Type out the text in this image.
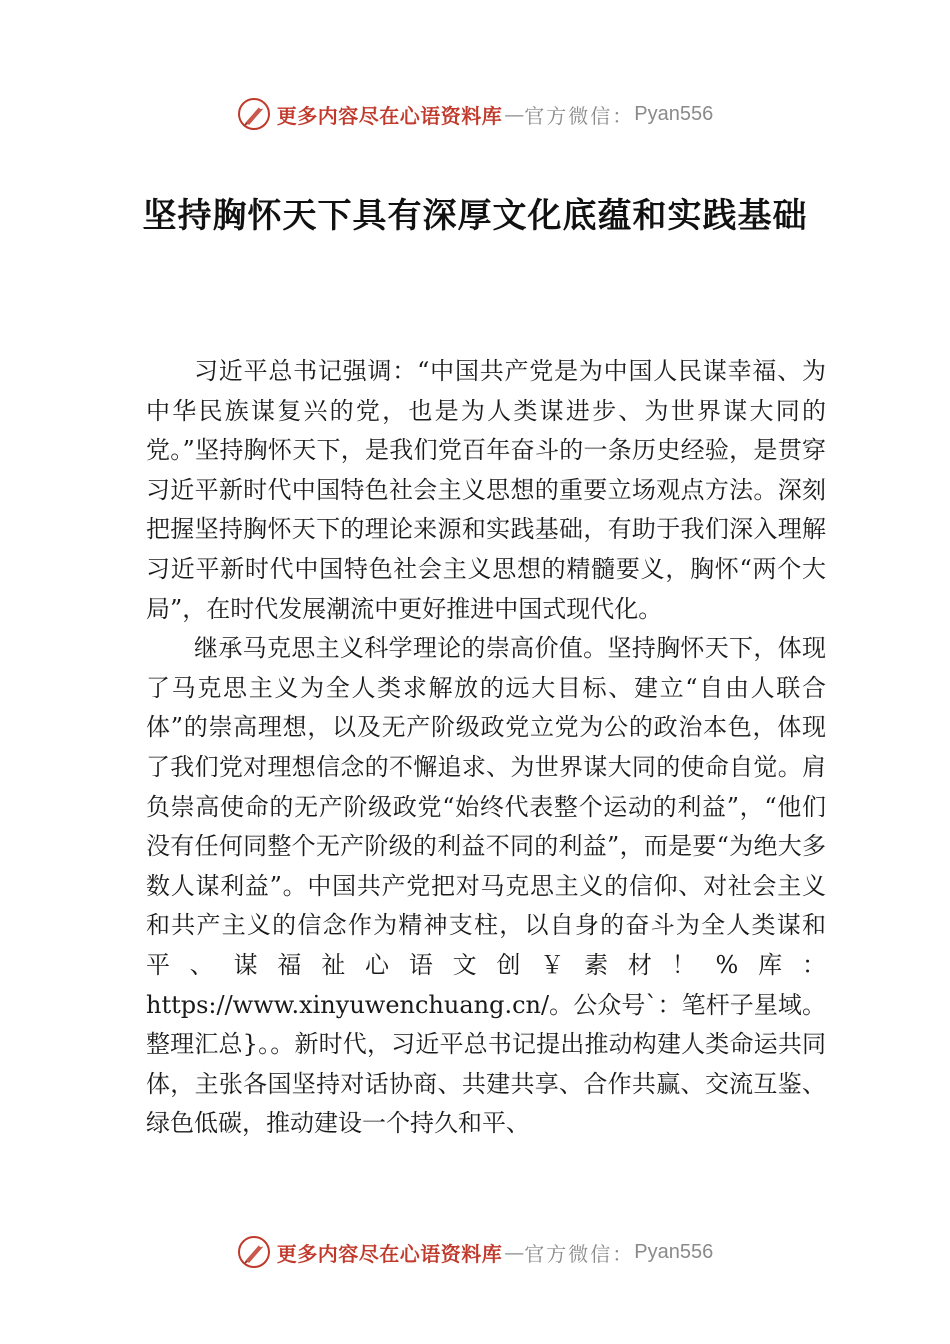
更多内容尽在心语资料库 — 官方微信： Pyan556
坚持胸怀天下具有深厚文化底蕴和实践基础

习近平总书记强调：“中国共产党是为中国人民谋幸福、为中华民族谋复兴的党，也是为人类谋进步、为世界谋大同的党。”坚持胸怀天下，是我们党百年奋斗的一条历史经验，是贯穿习近平新时代中国特色社会主义思想的重要立场观点方法。深刻把握坚持胸怀天下的理论来源和实践基础，有助于我们深入理解习近平新时代中国特色社会主义思想的精髓要义，胸怀“两个大局”，在时代发展潮流中更好推进中国式现代化。

继承马克思主义科学理论的崇高价值。坚持胸怀天下，体现了马克思主义为全人类求解放的远大目标、建立“自由人联合体”的崇高理想，以及无产阶级政党立党为公的政治本色，体现了我们党对理想信念的不懈追求、为世界谋大同的使命自觉。肩负崇高使命的无产阶级政党“始终代表整个运动的利益”，“他们没有任何同整个无产阶级的利益不同的利益”，而是要“为绝大多数人谋利益”。中国共产党把对马克思主义的信仰、对社会主义和共产主义的信念作为精神支柱，以自身的奋斗为全人类谋和平、谋福祉心语文创￥素材！%库：https://www.xinyuwenchuang.cn/。公众号`：笔杆子星域。整理汇总}。。新时代，习近平总书记提出推动构建人类命运共同体，主张各国坚持对话协商、共建共享、合作共赢、交流互鉴、绿色低碳，推动建设一个持久和平、

更多内容尽在心语资料库 — 官方微信： Pyan556
